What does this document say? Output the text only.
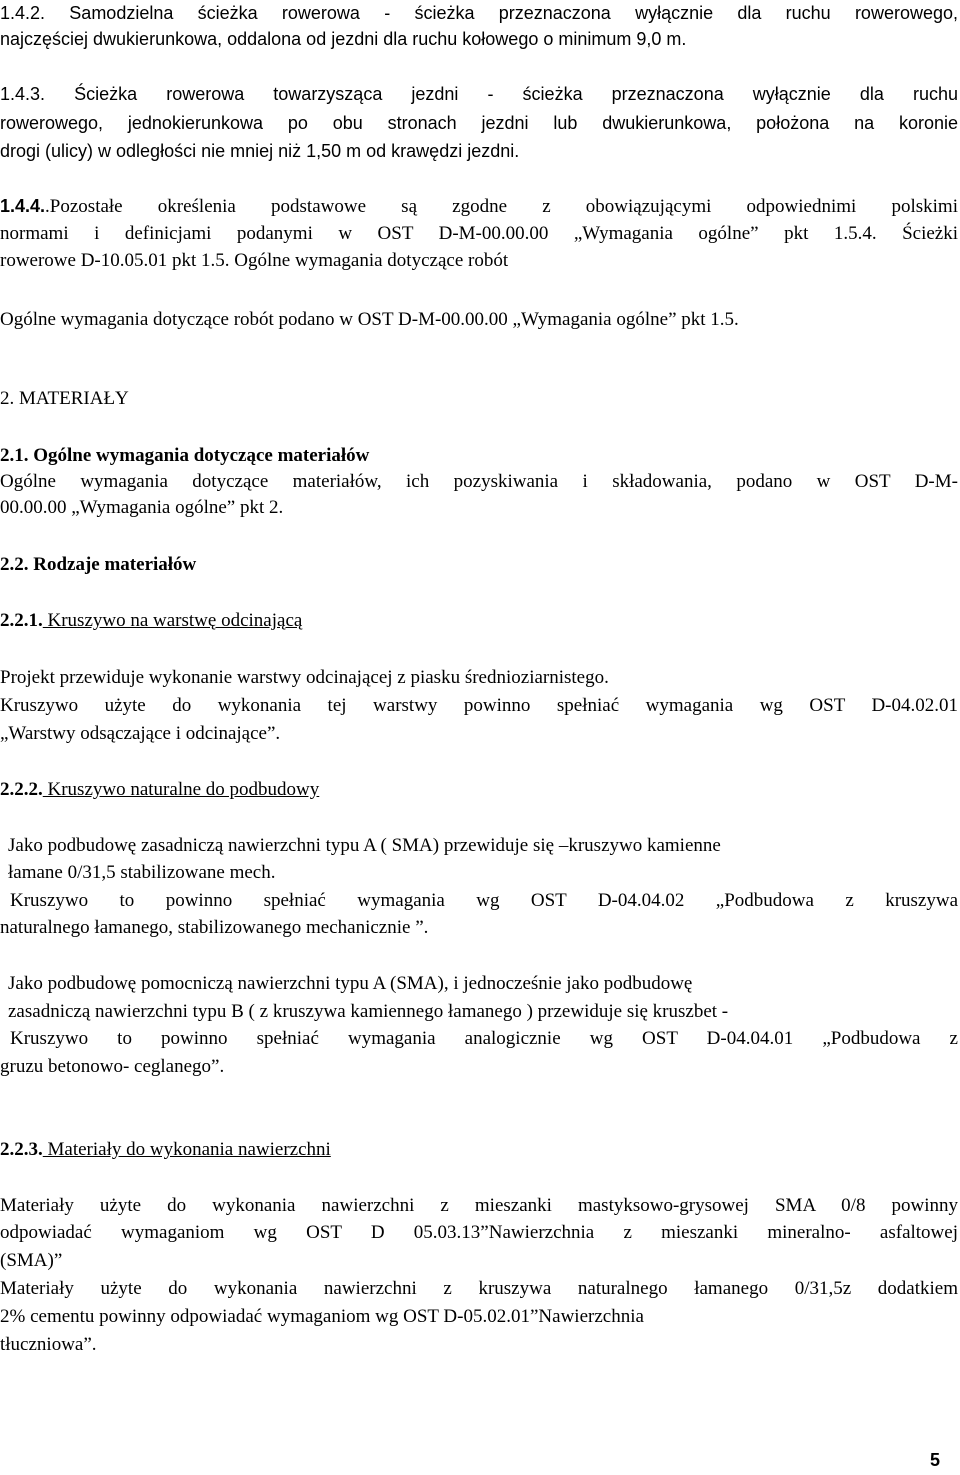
1.4.2. Samodzielna ścieżka rowerowa - ścieżka przeznaczona wyłącznie dla ruchu rowerowego,
najczęściej dwukierunkowa, oddalona od jezdni dla ruchu kołowego o minimum 9,0 m.
1.4.3. Ścieżka rowerowa towarzysząca jezdni - ścieżka przeznaczona wyłącznie dla ruchu
rowerowego, jednokierunkowa po obu stronach jezdni lub dwukierunkowa, położona na koronie
drogi (ulicy) w odległości nie mniej niż 1,50 m od krawędzi jezdni.
1.4.4..Pozostałe określenia podstawowe są zgodne z obowiązującymi odpowiednimi polskimi
normami i definicjami podanymi w OST D-M-00.00.00 „Wymagania ogólne” pkt 1.5.4. Ścieżki
rowerowe D-10.05.01 pkt 1.5. Ogólne wymagania dotyczące robót
Ogólne wymagania dotyczące robót podano w OST D-M-00.00.00 „Wymagania ogólne” pkt 1.5.
2. MATERIAŁY
2.1. Ogólne wymagania dotyczące materiałów
Ogólne wymagania dotyczące materiałów, ich pozyskiwania i składowania, podano w OST D-M-
00.00.00 „Wymagania ogólne” pkt 2.
2.2. Rodzaje materiałów
2.2.1. Kruszywo na warstwę odcinającą
Projekt przewiduje wykonanie warstwy odcinającej z piasku średnioziarnistego.
Kruszywo użyte do wykonania tej warstwy powinno spełniać wymagania wg OST D-04.02.01
„Warstwy odsączające i odcinające”.
2.2.2. Kruszywo naturalne do podbudowy
Jako podbudowę zasadniczą nawierzchni typu A ( SMA) przewiduje się –kruszywo kamienne
łamane 0/31,5 stabilizowane mech.
Kruszywo to powinno spełniać wymagania wg OST D-04.04.02 „Podbudowa z kruszywa
naturalnego łamanego, stabilizowanego mechanicznie ”.
Jako podbudowę pomocniczą nawierzchni typu A (SMA), i jednocześnie jako podbudowę
zasadniczą nawierzchni typu B ( z kruszywa kamiennego łamanego ) przewiduje się kruszbet -
Kruszywo to powinno spełniać wymagania analogicznie wg OST D-04.04.01 „Podbudowa z
gruzu betonowo- ceglanego”.
2.2.3. Materiały do wykonania nawierzchni
Materiały użyte do wykonania nawierzchni z mieszanki mastyksowo-grysowej SMA 0/8 powinny
odpowiadać wymaganiom wg OST D 05.03.13”Nawierzchnia z mieszanki mineralno- asfaltowej
(SMA)”
Materiały użyte do wykonania nawierzchni z kruszywa naturalnego łamanego 0/31,5z dodatkiem
2% cementu powinny odpowiadać wymaganiom wg OST D-05.02.01”Nawierzchnia
tłuczniowa”.
5
